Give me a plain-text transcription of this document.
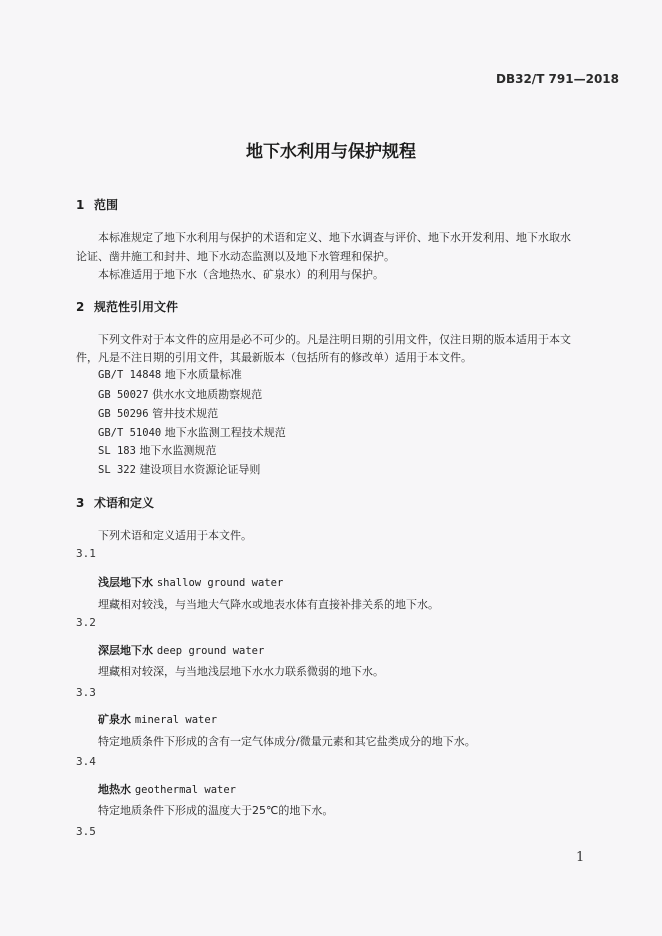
DB32/T 791—2018
地下水利用与保护规程
1 范围
本标准规定了地下水利用与保护的术语和定义、地下水调查与评价、地下水开发利用、地下水取水
论证、凿井施工和封井、地下水动态监测以及地下水管理和保护。
本标准适用于地下水（含地热水、矿泉水）的利用与保护。
2 规范性引用文件
下列文件对于本文件的应用是必不可少的。凡是注明日期的引用文件，仅注日期的版本适用于本文
件，凡是不注日期的引用文件，其最新版本（包括所有的修改单）适用于本文件。
GB/T 14848 地下水质量标准
GB 50027 供水水文地质勘察规范
GB 50296 管井技术规范
GB/T 51040 地下水监测工程技术规范
SL 183 地下水监测规范
SL 322 建设项目水资源论证导则
3 术语和定义
下列术语和定义适用于本文件。
3.1
浅层地下水 shallow ground water
埋藏相对较浅，与当地大气降水或地表水体有直接补排关系的地下水。
3.2
深层地下水 deep ground water
埋藏相对较深，与当地浅层地下水水力联系微弱的地下水。
3.3
矿泉水 mineral water
特定地质条件下形成的含有一定气体成分/微量元素和其它盐类成分的地下水。
3.4
地热水 geothermal water
特定地质条件下形成的温度大于25℃的地下水。
3.5
1
